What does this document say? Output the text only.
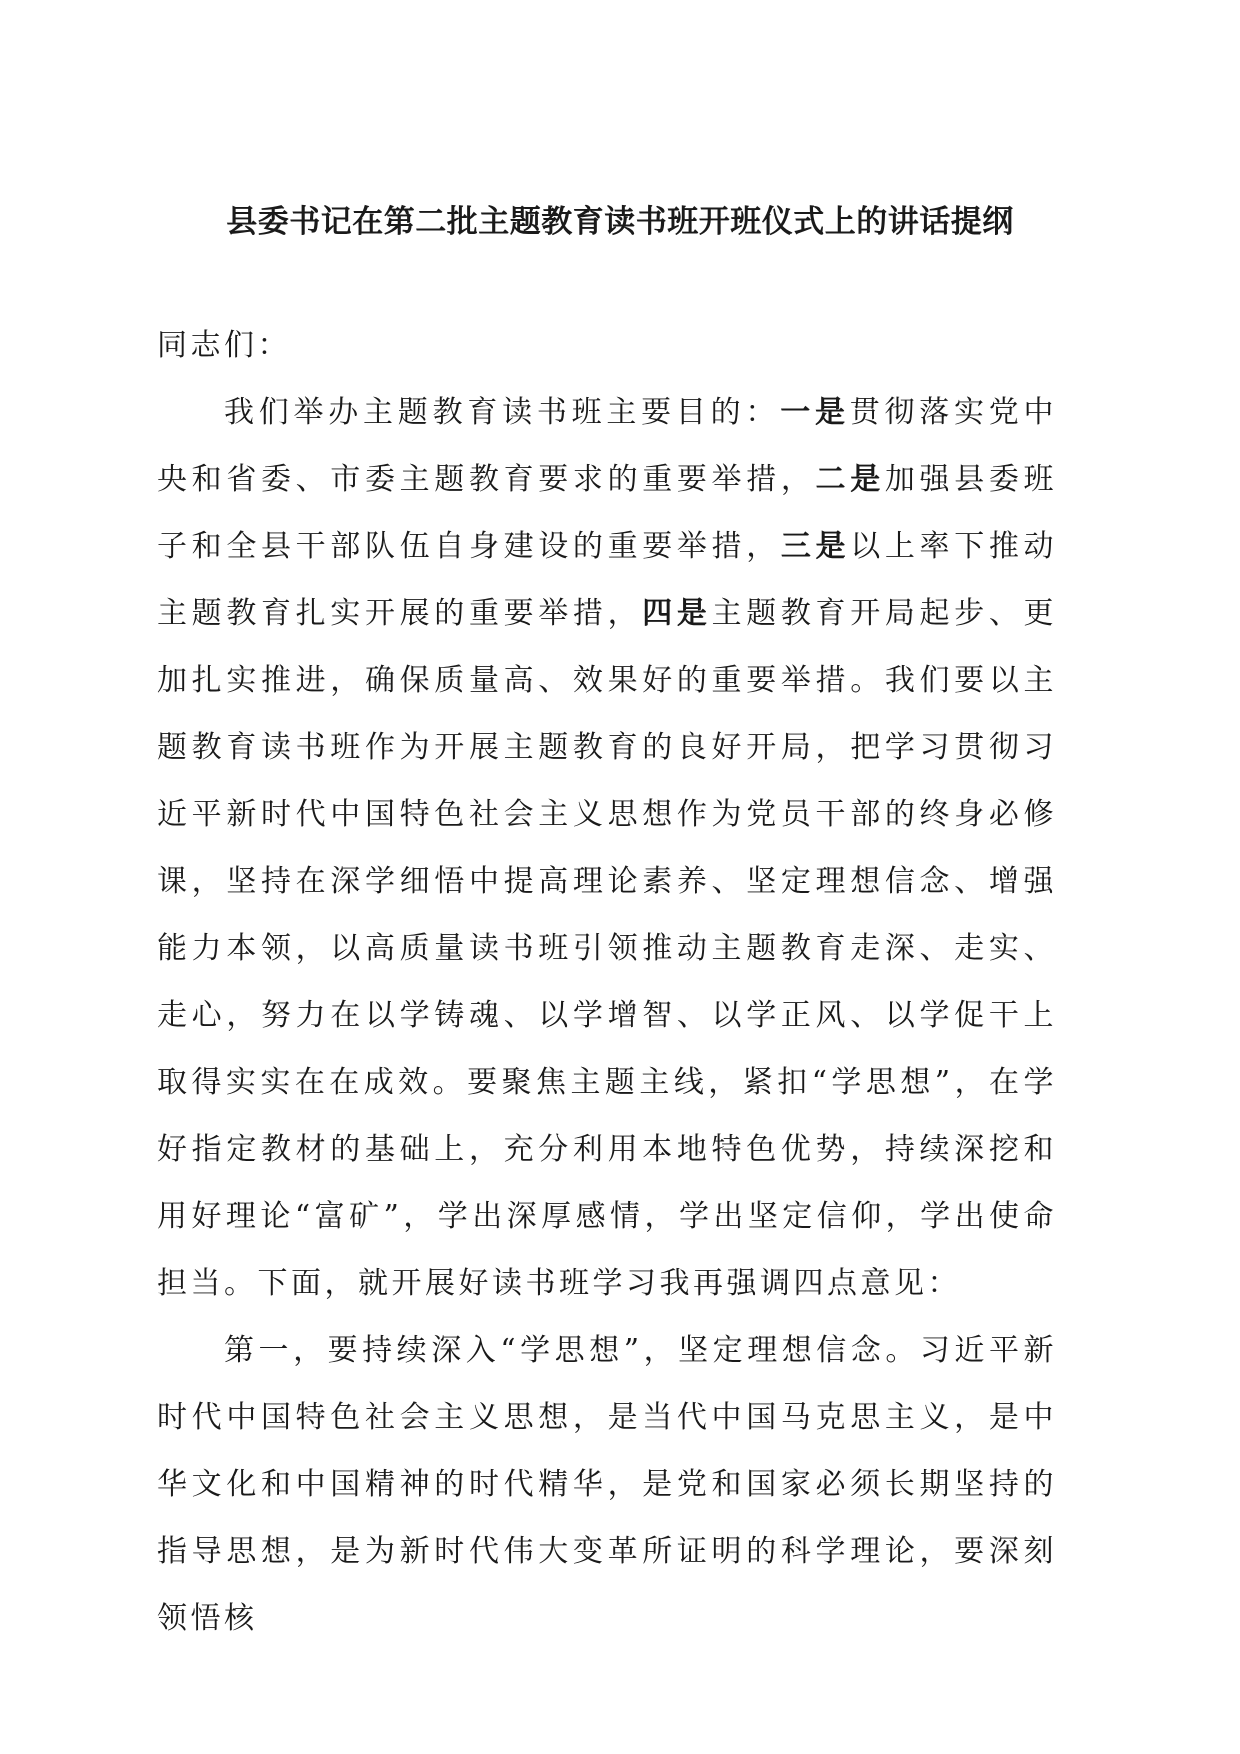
县委书记在第二批主题教育读书班开班仪式上的讲话提纲

同志们：

我们举办主题教育读书班主要目的：一是贯彻落实党中央和省委、市委主题教育要求的重要举措，二是加强县委班子和全县干部队伍自身建设的重要举措，三是以上率下推动主题教育扎实开展的重要举措，四是主题教育开局起步、更加扎实推进，确保质量高、效果好的重要举措。我们要以主题教育读书班作为开展主题教育的良好开局，把学习贯彻习近平新时代中国特色社会主义思想作为党员干部的终身必修课，坚持在深学细悟中提高理论素养、坚定理想信念、增强能力本领，以高质量读书班引领推动主题教育走深、走实、走心，努力在以学铸魂、以学增智、以学正风、以学促干上取得实实在在成效。要聚焦主题主线，紧扣“学思想”，在学好指定教材的基础上，充分利用本地特色优势，持续深挖和用好理论“富矿”，学出深厚感情，学出坚定信仰，学出使命担当。下面，就开展好读书班学习我再强调四点意见：

第一，要持续深入“学思想”，坚定理想信念。习近平新时代中国特色社会主义思想，是当代中国马克思主义，是中华文化和中国精神的时代精华，是党和国家必须长期坚持的指导思想，是为新时代伟大变革所证明的科学理论，要深刻领悟核
